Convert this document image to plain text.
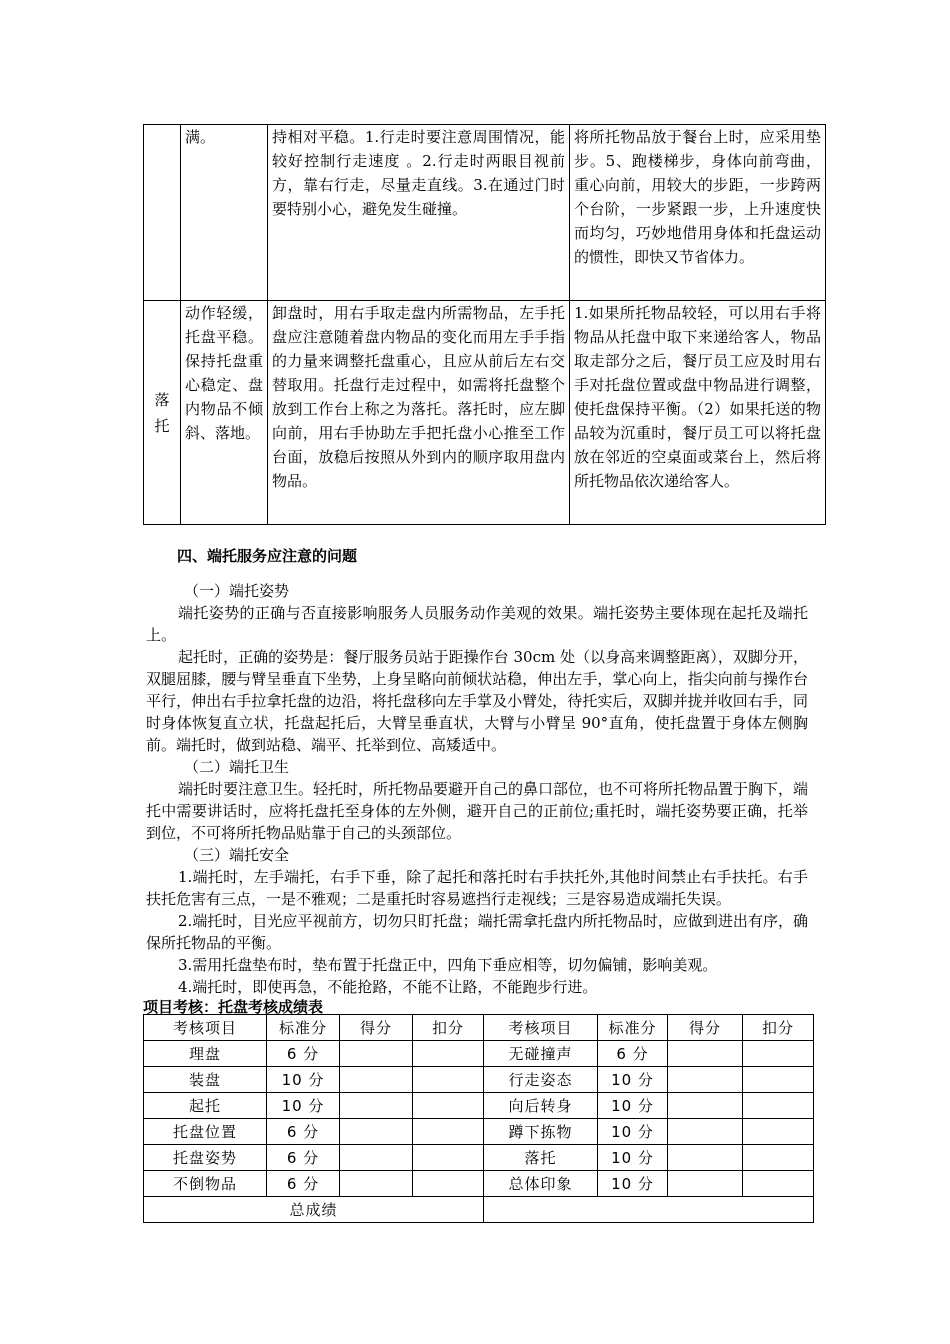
	满。	持相对平稳。1.行走时要注意周围情况，能较好控制行走速度 。2.行走时两眼目视前方，靠右行走，尽量走直线。3.在通过门时要特别小心，避免发生碰撞。	将所托物品放于餐台上时，应采用垫步。5、跑楼梯步，身体向前弯曲，重心向前，用较大的步距，一步跨两个台阶，一步紧跟一步，上升速度快而均匀，巧妙地借用身体和托盘运动的惯性，即快又节省体力。
落托	动作轻缓，托盘平稳。保持托盘重心稳定、盘内物品不倾斜、落地。	卸盘时，用右手取走盘内所需物品，左手托盘应注意随着盘内物品的变化而用左手手指的力量来调整托盘重心，且应从前后左右交替取用。托盘行走过程中，如需将托盘整个放到工作台上称之为落托。落托时，应左脚向前，用右手协助左手把托盘小心推至工作台面，放稳后按照从外到内的顺序取用盘内物品。	1.如果所托物品较轻，可以用右手将物品从托盘中取下来递给客人，物品取走部分之后，餐厅员工应及时用右手对托盘位置或盘中物品进行调整，使托盘保持平衡。（2）如果托送的物品较为沉重时，餐厅员工可以将托盘放在邻近的空桌面或菜台上，然后将所托物品依次递给客人。
四、端托服务应注意的问题
（一）端托姿势

端托姿势的正确与否直接影响服务人员服务动作美观的效果。端托姿势主要体现在起托及端托上。

起托时，正确的姿势是：餐厅服务员站于距操作台 30cm 处（以身高来调整距离），双脚分开，双腿屈膝，腰与臂呈垂直下坐势，上身呈略向前倾状站稳，伸出左手，掌心向上，指尖向前与操作台平行，伸出右手拉拿托盘的边沿，将托盘移向左手掌及小臂处，待托实后，双脚并拢并收回右手，同时身体恢复直立状，托盘起托后，大臂呈垂直状，大臂与小臂呈 90°直角，使托盘置于身体左侧胸前。端托时，做到站稳、端平、托举到位、高矮适中。

（二）端托卫生

端托时要注意卫生。轻托时，所托物品要避开自己的鼻口部位，也不可将所托物品置于胸下，端托中需要讲话时，应将托盘托至身体的左外侧，避开自己的正前位;重托时，端托姿势要正确，托举到位，不可将所托物品贴靠于自己的头颈部位。

（三）端托安全

1.端托时，左手端托，右手下垂，除了起托和落托时右手扶托外,其他时间禁止右手扶托。右手扶托危害有三点，一是不雅观；二是重托时容易遮挡行走视线；三是容易造成端托失误。

2.端托时，目光应平视前方，切勿只盯托盘；端托需拿托盘内所托物品时，应做到进出有序，确保所托物品的平衡。

3.需用托盘垫布时，垫布置于托盘正中，四角下垂应相等，切勿偏铺，影响美观。

4.端托时，即使再急，不能抢路，不能不让路，不能跑步行进。

项目考核：托盘考核成绩表
考核项目	标准分	得分	扣分	考核项目	标准分	得分	扣分
理盘	6 分			无碰撞声	6 分		
装盘	10 分			行走姿态	10 分		
起托	10 分			向后转身	10 分		
托盘位置	6 分			蹲下拣物	10 分		
托盘姿势	6 分			落托	10 分		
不倒物品	6 分			总体印象	10 分		
总成绩							
